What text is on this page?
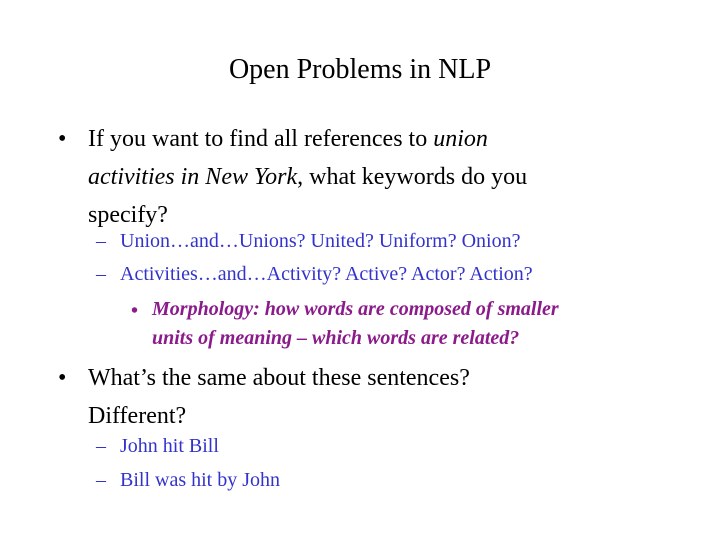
Open Problems in NLP
• If you want to find all references to union
activities in New York, what keywords do you
specify?
– Union…and…Unions? United? Uniform? Onion?
– Activities…and…Activity? Active? Actor? Action?
• Morphology: how words are composed of smaller
units of meaning – which words are related?
• What’s the same about these sentences?
Different?
– John hit Bill
– Bill was hit by John
